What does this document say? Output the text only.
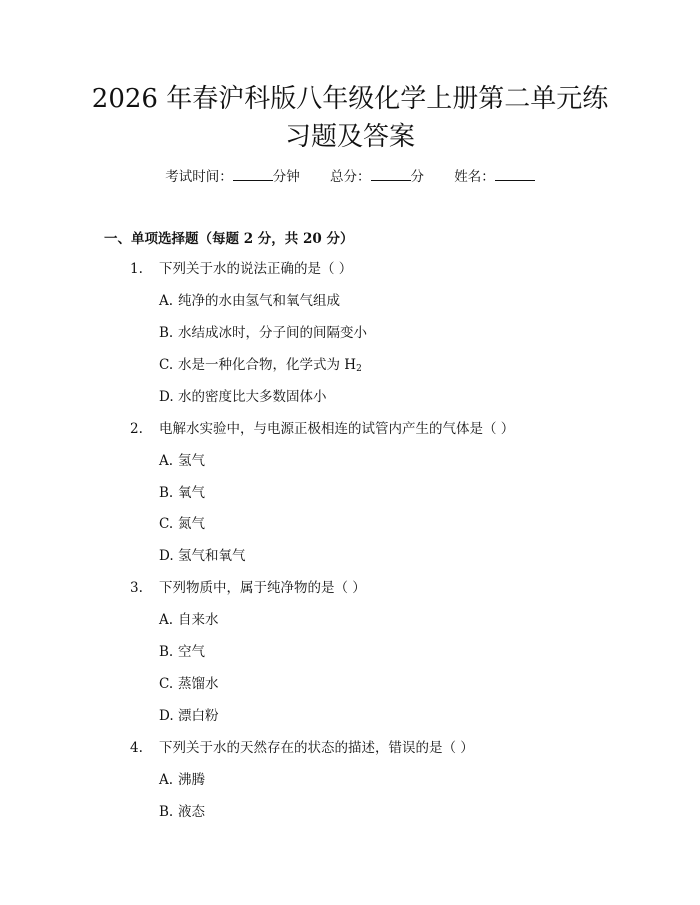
2026 年春沪科版八年级化学上册第二单元练
习题及答案
考试时间：	分钟 总分：	分 姓名：
一、单项选择题（每题 2 分，共 20 分）
1. 下列关于水的说法正确的是（ ）
A. 纯净的水由氢气和氧气组成
B. 水结成冰时，分子间的间隔变小
C. 水是一种化合物，化学式为 $H_2$
D. 水的密度比大多数固体小
2. 电解水实验中，与电源正极相连的试管内产生的气体是（ ）
A. 氢气
B. 氧气
C. 氮气
D. 氢气和氧气
3. 下列物质中，属于纯净物的是（ ）
A. 自来水
B. 空气
C. 蒸馏水
D. 漂白粉
4. 下列关于水的天然存在的状态的描述，错误的是（ ）
A. 沸腾
B. 液态
